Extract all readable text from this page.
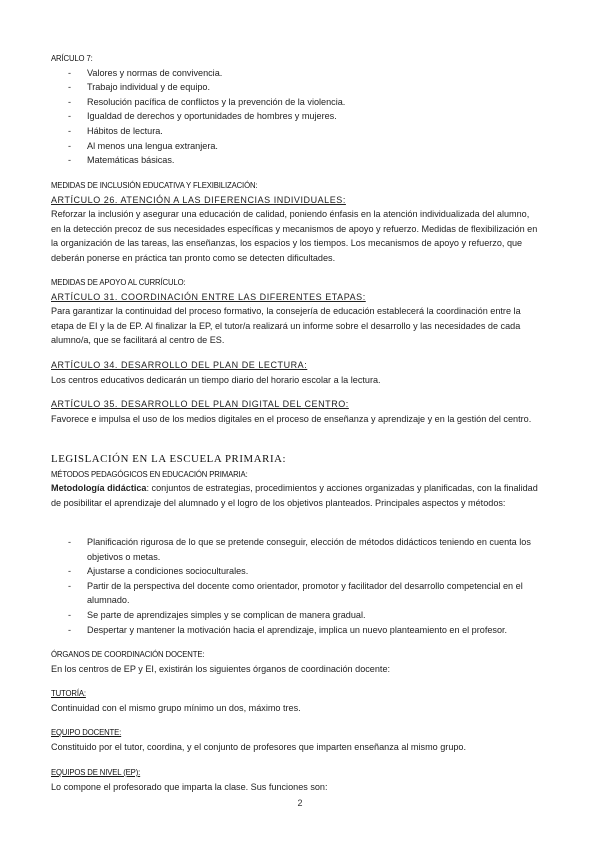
ARÍCULO 7:
- Valores y normas de convivencia.
- Trabajo individual y de equipo.
- Resolución pacífica de conflictos y la prevención de la violencia.
- Igualdad de derechos y oportunidades de hombres y mujeres.
- Hábitos de lectura.
- Al menos una lengua extranjera.
- Matemáticas básicas.
MEDIDAS DE INCLUSIÓN EDUCATIVA Y FLEXIBILIZACIÓN:
ARTÍCULO 26. ATENCIÓN A LAS DIFERENCIAS INDIVIDUALES:

Reforzar la inclusión y asegurar una educación de calidad, poniendo énfasis en la atención individualizada del alumno, en la detección precoz de sus necesidades específicas y mecanismos de apoyo y refuerzo. Medidas de flexibilización en la organización de las tareas, las enseñanzas, los espacios y los tiempos. Los mecanismos de apoyo y refuerzo, que deberán ponerse en práctica tan pronto como se detecten dificultades.

MEDIDAS DE APOYO AL CURRÍCULO:
ARTÍCULO 31. COORDINACIÓN ENTRE LAS DIFERENTES ETAPAS:

Para garantizar la continuidad del proceso formativo, la consejería de educación establecerá la coordinación entre la etapa de EI y la de EP. Al finalizar la EP, el tutor/a realizará un informe sobre el desarrollo y las necesidades de cada alumno/a, que se facilitará al centro de ES.

ARTÍCULO 34. DESARROLLO DEL PLAN DE LECTURA:

Los centros educativos dedicarán un tiempo diario del horario escolar a la lectura.

ARTÍCULO 35. DESARROLLO DEL PLAN DIGITAL DEL CENTRO:

Favorece e impulsa el uso de los medios digitales en el proceso de enseñanza y aprendizaje y en la gestión del centro.

LEGISLACIÓN EN LA ESCUELA PRIMARIA:
MÉTODOS PEDAGÓGICOS EN EDUCACIÓN PRIMARIA:

Metodología didáctica: conjuntos de estrategias, procedimientos y acciones organizadas y planificadas, con la finalidad de posibilitar el aprendizaje del alumnado y el logro de los objetivos planteados. Principales aspectos y métodos:

- Planificación rigurosa de lo que se pretende conseguir, elección de métodos didácticos teniendo en cuenta los objetivos o metas.
- Ajustarse a condiciones socioculturales.
- Partir de la perspectiva del docente como orientador, promotor y facilitador del desarrollo competencial en el alumnado.
- Se parte de aprendizajes simples y se complican de manera gradual.
- Despertar y mantener la motivación hacia el aprendizaje, implica un nuevo planteamiento en el profesor.
ÓRGANOS DE COORDINACIÓN DOCENTE:

En los centros de EP y EI, existirán los siguientes órganos de coordinación docente:

TUTORÍA:

Continuidad con el mismo grupo mínimo un dos, máximo tres.

EQUIPO DOCENTE:

Constituido por el tutor, coordina, y el conjunto de profesores que imparten enseñanza al mismo grupo.

EQUIPOS DE NIVEL (EP):

Lo compone el profesorado que imparta la clase. Sus funciones son:

2
